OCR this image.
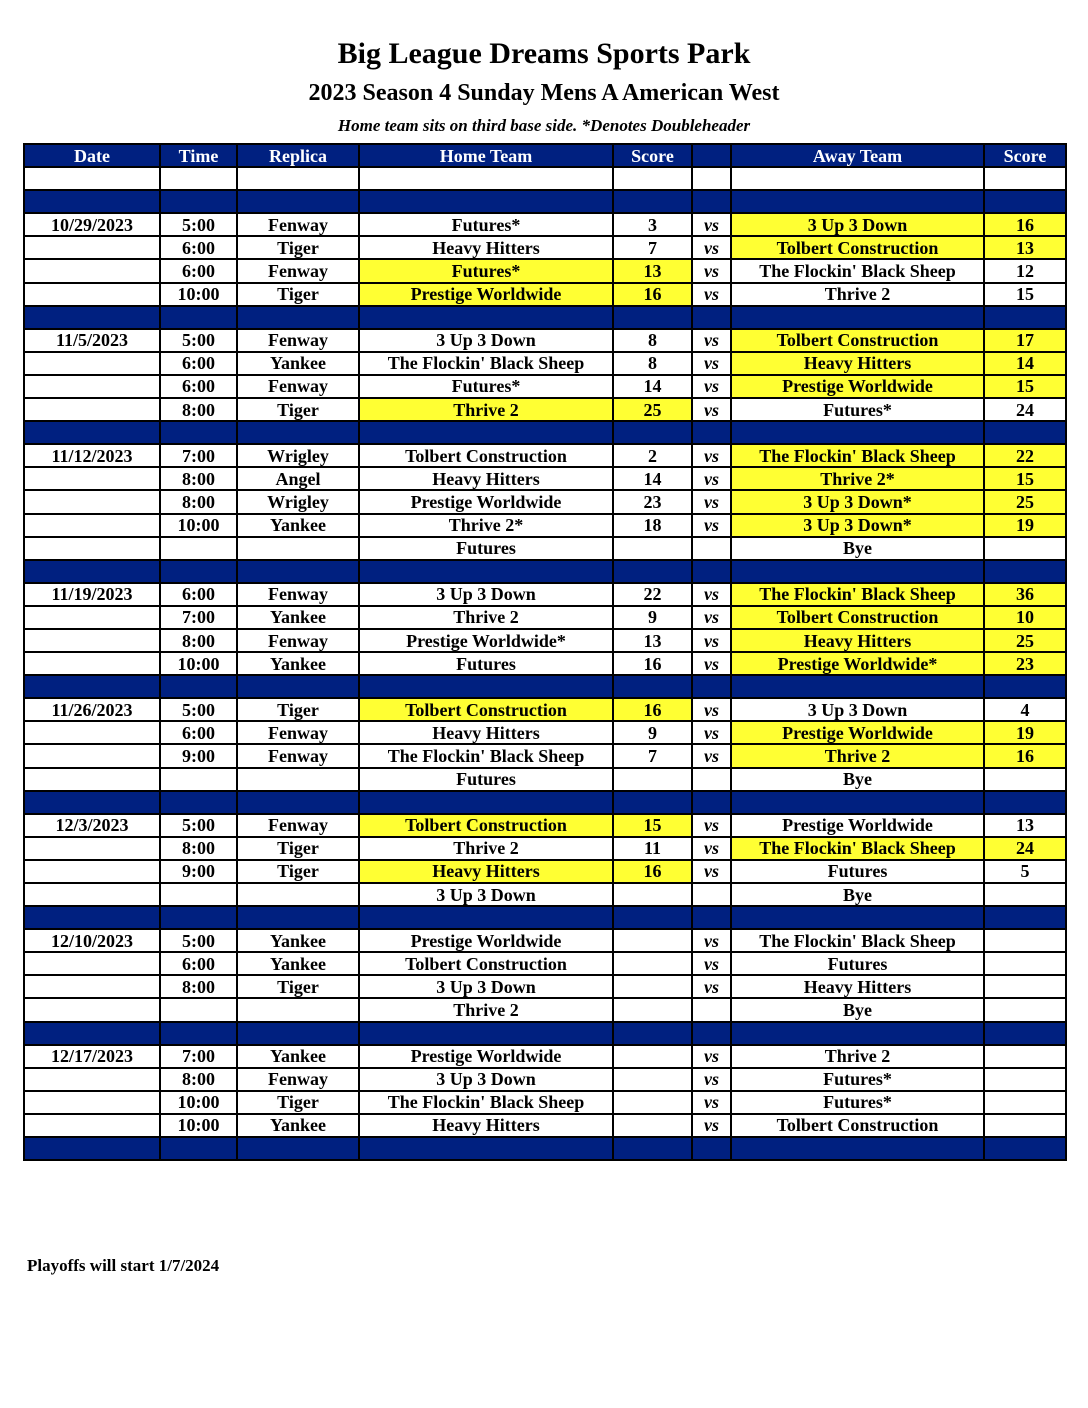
Big League Dreams Sports Park
2023 Season 4 Sunday Mens A American West
Home team sits on third base side. *Denotes Doubleheader
Date	Time	Replica	Home Team	Score		Away Team	Score

10/29/2023	5:00	Fenway	Futures*	3	vs	3 Up 3 Down	16
	6:00	Tiger	Heavy Hitters	7	vs	Tolbert Construction	13
	6:00	Fenway	Futures*	13	vs	The Flockin' Black Sheep	12
	10:00	Tiger	Prestige Worldwide	16	vs	Thrive 2	15

11/5/2023	5:00	Fenway	3 Up 3 Down	8	vs	Tolbert Construction	17
	6:00	Yankee	The Flockin' Black Sheep	8	vs	Heavy Hitters	14
	6:00	Fenway	Futures*	14	vs	Prestige Worldwide	15
	8:00	Tiger	Thrive 2	25	vs	Futures*	24

11/12/2023	7:00	Wrigley	Tolbert Construction	2	vs	The Flockin' Black Sheep	22
	8:00	Angel	Heavy Hitters	14	vs	Thrive 2*	15
	8:00	Wrigley	Prestige Worldwide	23	vs	3 Up 3 Down*	25
	10:00	Yankee	Thrive 2*	18	vs	3 Up 3 Down*	19
			Futures			Bye	

11/19/2023	6:00	Fenway	3 Up 3 Down	22	vs	The Flockin' Black Sheep	36
	7:00	Yankee	Thrive 2	9	vs	Tolbert Construction	10
	8:00	Fenway	Prestige Worldwide*	13	vs	Heavy Hitters	25
	10:00	Yankee	Futures	16	vs	Prestige Worldwide*	23

11/26/2023	5:00	Tiger	Tolbert Construction	16	vs	3 Up 3 Down	4
	6:00	Fenway	Heavy Hitters	9	vs	Prestige Worldwide	19
	9:00	Fenway	The Flockin' Black Sheep	7	vs	Thrive 2	16
			Futures			Bye	

12/3/2023	5:00	Fenway	Tolbert Construction	15	vs	Prestige Worldwide	13
	8:00	Tiger	Thrive 2	11	vs	The Flockin' Black Sheep	24
	9:00	Tiger	Heavy Hitters	16	vs	Futures	5
			3 Up 3 Down			Bye	

12/10/2023	5:00	Yankee	Prestige Worldwide		vs	The Flockin' Black Sheep	
	6:00	Yankee	Tolbert Construction		vs	Futures	
	8:00	Tiger	3 Up 3 Down		vs	Heavy Hitters	
			Thrive 2			Bye	

12/17/2023	7:00	Yankee	Prestige Worldwide		vs	Thrive 2	
	8:00	Fenway	3 Up 3 Down		vs	Futures*	
	10:00	Tiger	The Flockin' Black Sheep		vs	Futures*	
	10:00	Yankee	Heavy Hitters		vs	Tolbert Construction	

Playoffs will start 1/7/2024
